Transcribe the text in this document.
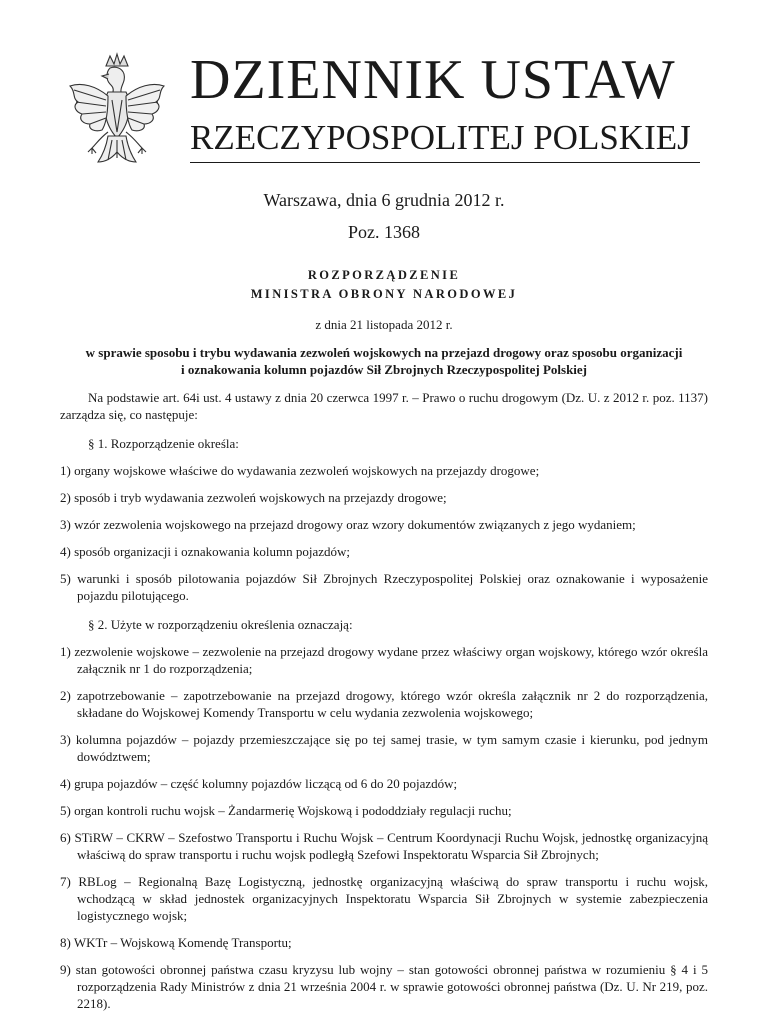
DZIENNIK USTAW
RZECZYPOSPOLITEJ POLSKIEJ
Warszawa, dnia 6 grudnia 2012 r.
Poz. 1368
ROZPORZĄDZENIE
MINISTRA OBRONY NARODOWEJ
z dnia 21 listopada 2012 r.
w sprawie sposobu i trybu wydawania zezwoleń wojskowych na przejazd drogowy oraz sposobu organizacji
i oznakowania kolumn pojazdów Sił Zbrojnych Rzeczypospolitej Polskiej

Na podstawie art. 64i ust. 4 ustawy z dnia 20 czerwca 1997 r. – Prawo o ruchu drogowym (Dz. U. z 2012 r. poz. 1137) zarządza się, co następuje:

§ 1. Rozporządzenie określa:

1) organy wojskowe właściwe do wydawania zezwoleń wojskowych na przejazdy drogowe;

2) sposób i tryb wydawania zezwoleń wojskowych na przejazdy drogowe;

3) wzór zezwolenia wojskowego na przejazd drogowy oraz wzory dokumentów związanych z jego wydaniem;

4) sposób organizacji i oznakowania kolumn pojazdów;

5) warunki i sposób pilotowania pojazdów Sił Zbrojnych Rzeczypospolitej Polskiej oraz oznakowanie i wyposażenie pojazdu pilotującego.

§ 2. Użyte w rozporządzeniu określenia oznaczają:

1) zezwolenie wojskowe – zezwolenie na przejazd drogowy wydane przez właściwy organ wojskowy, którego wzór określa załącznik nr 1 do rozporządzenia;

2) zapotrzebowanie – zapotrzebowanie na przejazd drogowy, którego wzór określa załącznik nr 2 do rozporządzenia, składane do Wojskowej Komendy Transportu w celu wydania zezwolenia wojskowego;

3) kolumna pojazdów – pojazdy przemieszczające się po tej samej trasie, w tym samym czasie i kierunku, pod jednym dowództwem;

4) grupa pojazdów – część kolumny pojazdów liczącą od 6 do 20 pojazdów;

5) organ kontroli ruchu wojsk – Żandarmerię Wojskową i pododdziały regulacji ruchu;

6) STiRW – CKRW – Szefostwo Transportu i Ruchu Wojsk – Centrum Koordynacji Ruchu Wojsk, jednostkę organizacyjną właściwą do spraw transportu i ruchu wojsk podległą Szefowi Inspektoratu Wsparcia Sił Zbrojnych;

7) RBLog – Regionalną Bazę Logistyczną, jednostkę organizacyjną właściwą do spraw transportu i ruchu wojsk, wchodzącą w skład jednostek organizacyjnych Inspektoratu Wsparcia Sił Zbrojnych w systemie zabezpieczenia logistycznego wojsk;

8) WKTr – Wojskową Komendę Transportu;

9) stan gotowości obronnej państwa czasu kryzysu lub wojny – stan gotowości obronnej państwa w rozumieniu § 4 i 5 rozporządzenia Rady Ministrów z dnia 21 września 2004 r. w sprawie gotowości obronnej państwa (Dz. U. Nr 219, poz. 2218).
